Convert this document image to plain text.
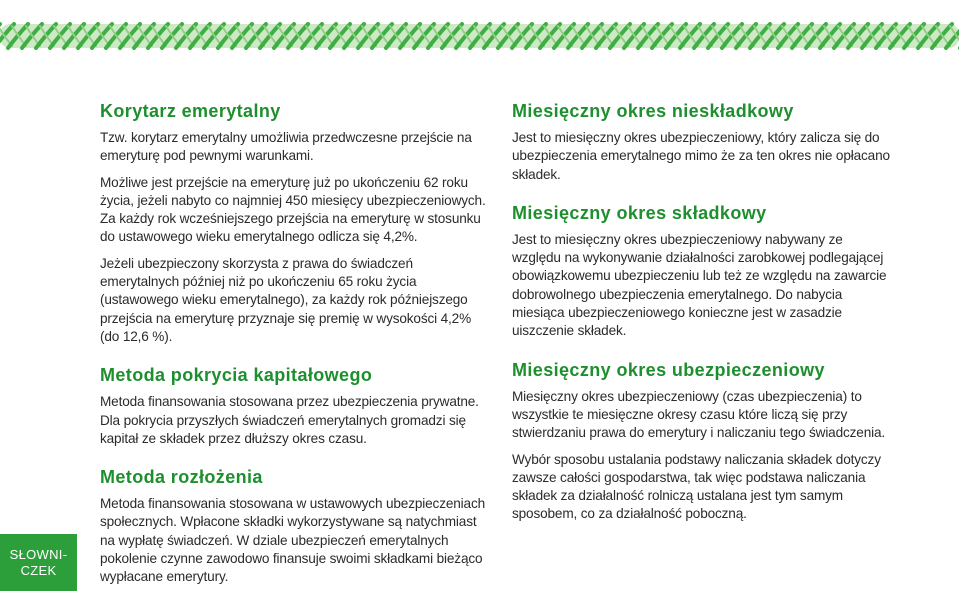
Korytarz emerytalny

Tzw. korytarz emerytalny umożliwia przedwczesne przejście na emeryturę pod pewnymi warunkami.

Możliwe jest przejście na emeryturę już po ukończeniu 62 roku życia, jeżeli nabyto co najmniej 450 miesięcy ubezpieczeniowych. Za każdy rok wcześniejszego przejścia na emeryturę w stosunku do ustawowego wieku emerytalnego odlicza się 4,2%.

Jeżeli ubezpieczony skorzysta z prawa do świadczeń emerytalnych później niż po ukończeniu 65 roku życia (ustawowego wieku emerytalnego), za każdy rok późniejszego przejścia na emeryturę przyznaje się premię w wysokości 4,2% (do 12,6 %).

Metoda pokrycia kapitałowego

Metoda finansowania stosowana przez ubezpieczenia prywatne. Dla pokrycia przyszłych świadczeń emerytalnych gromadzi się kapitał ze składek przez dłuższy okres czasu.

Metoda rozłożenia

Metoda finansowania stosowana w ustawowych ubezpieczeniach społecznych. Wpłacone składki wykorzystywane są natychmiast na wypłatę świadczeń. W dziale ubezpieczeń emerytalnych pokolenie czynne zawodowo finansuje swoimi składkami bieżąco wypłacane emerytury.

Miesięczny okres nieskładkowy

Jest to miesięczny okres ubezpieczeniowy, który zalicza się do ubezpieczenia emerytalnego mimo że za ten okres nie opłacano składek.

Miesięczny okres składkowy

Jest to miesięczny okres ubezpieczeniowy nabywany ze względu na wykonywanie działalności zarobkowej podlegającej obowiązkowemu ubezpieczeniu lub też ze względu na zawarcie dobrowolnego ubezpieczenia emerytalnego. Do nabycia miesiąca ubezpieczeniowego konieczne jest w zasadzie uiszczenie składek.

Miesięczny okres ubezpieczeniowy

Miesięczny okres ubezpieczeniowy (czas ubezpieczenia) to wszystkie te miesięczne okresy czasu które liczą się przy stwierdzaniu prawa do emerytury i naliczaniu tego świadczenia.

Wybór sposobu ustalania podstawy naliczania składek dotyczy zawsze całości gospodarstwa, tak więc podstawa naliczania składek za działalność rolniczą ustalana jest tym samym sposobem, co za działalność poboczną.

SŁOWNI-
CZEK
